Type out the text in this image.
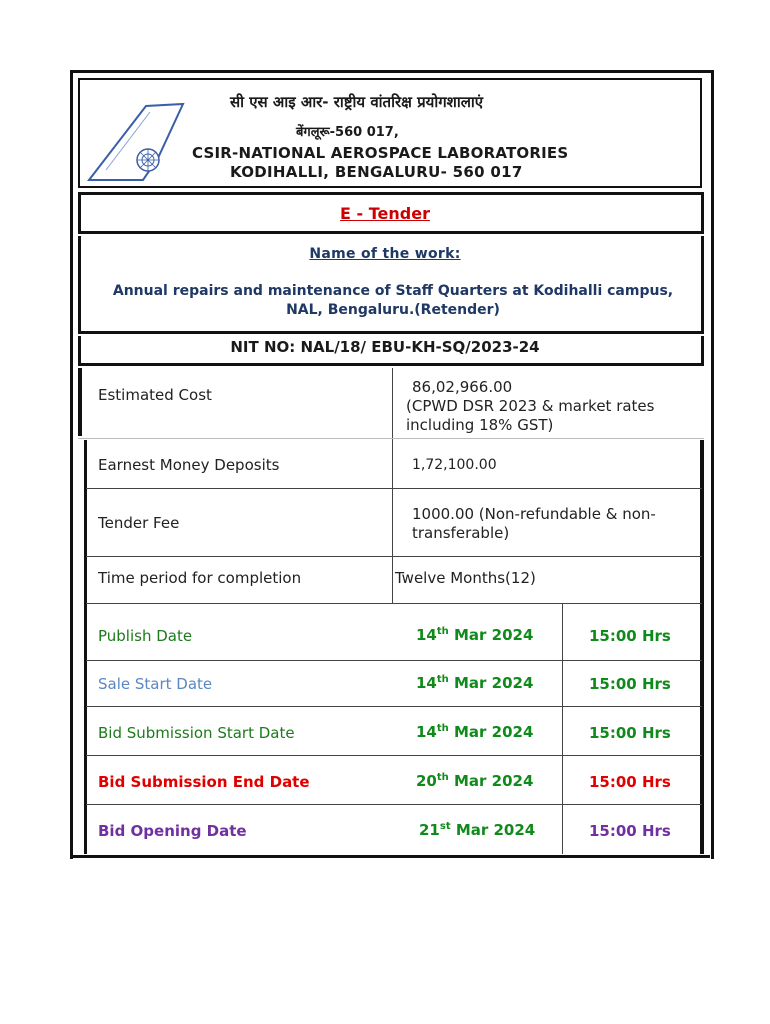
सी एस आइ आर- राष्ट्रीय वांतरिक्ष प्रयोगशालाएं
बेंगलूरू-560 017,
CSIR-NATIONAL AEROSPACE LABORATORIES
KODIHALLI, BENGALURU- 560 017
E - Tender
Name of the work:
Annual repairs and maintenance of Staff Quarters at Kodihalli campus,
NAL, Bengaluru.(Retender)
NIT NO: NAL/18/ EBU-KH-SQ/2023-24
Estimated Cost	86,02,966.00
(CPWD DSR 2023 & market rates
including 18% GST)
Earnest Money Deposits	1,72,100.00
Tender Fee	1000.00 (Non-refundable & non-
transferable)
Time period for completion	Twelve Months(12)
Publish Date	14th Mar 2024	15:00 Hrs
Sale Start Date	14th Mar 2024	15:00 Hrs
Bid Submission Start Date	14th Mar 2024	15:00 Hrs
Bid Submission End Date	20th Mar 2024	15:00 Hrs
Bid Opening Date	21st Mar 2024	15:00 Hrs
